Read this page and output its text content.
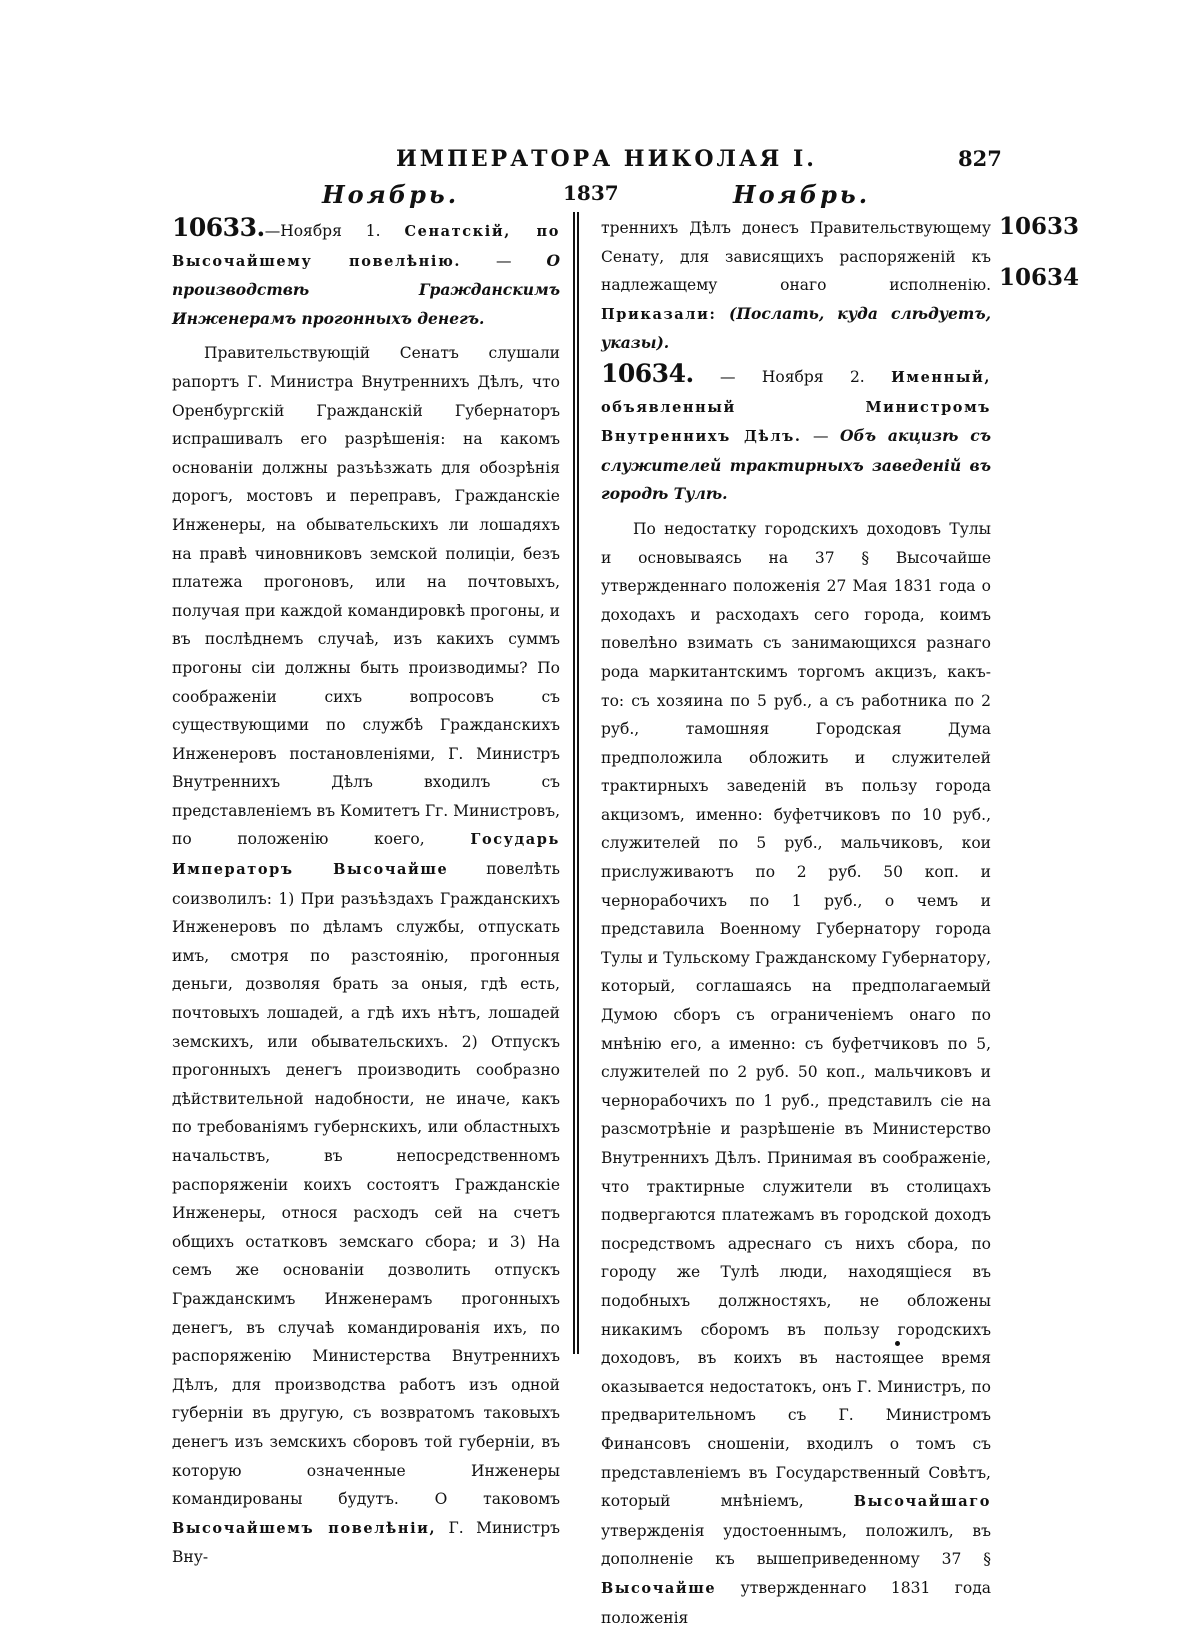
ИМПЕРАТОРА НИКОЛАЯ I.	827
Ноябрь.	1837	Ноябрь.
10633
10634

10633.—Ноября 1. Сенатскій, по Высочайшему повелѣнію. — О производствѣ Гражданскимъ Инженерамъ прогонныхъ денегъ.

Правительствующій Сенатъ слушали рапортъ Г. Министра Внутреннихъ Дѣлъ, что Оренбургскій Гражданскій Губернаторъ испрашивалъ его разрѣшенія: на какомъ основаніи должны разъѣзжать для обозрѣнія дорогъ, мостовъ и переправъ, Гражданскіе Инженеры, на обывательскихъ ли лошадяхъ на правѣ чиновниковъ земской полиціи, безъ платежа прогоновъ, или на почтовыхъ, получая при каждой командировкѣ прогоны, и въ послѣднемъ случаѣ, изъ какихъ суммъ прогоны сіи должны быть производимы? По соображеніи сихъ вопросовъ съ существующими по службѣ Гражданскихъ Инженеровъ постановленіями, Г. Министръ Внутреннихъ Дѣлъ входилъ съ представленіемъ въ Комитетъ Гг. Министровъ, по положенію коего,	Государь Императоръ Высочайше повелѣть соизволилъ: 1) При разъѣздахъ Гражданскихъ Инженеровъ по дѣламъ службы, отпускать имъ, смотря по разстоянію, прогонныя деньги, дозволяя брать за оныя, гдѣ есть, почтовыхъ лошадей, а гдѣ ихъ нѣтъ, лошадей земскихъ, или обывательскихъ. 2) Отпускъ прогонныхъ денегъ производить сообразно дѣйствительной надобности, не иначе, какъ по требованіямъ губернскихъ, или областныхъ начальствъ, въ непосредственномъ распоряженіи коихъ состоятъ Гражданскіе Инженеры, относя расходъ сей на счетъ общихъ остатковъ земскаго сбора; и 3) На семъ же основаніи дозволить отпускъ Гражданскимъ Инженерамъ прогонныхъ денегъ, въ случаѣ командированія ихъ, по распоряженію Министерства Внутреннихъ Дѣлъ, для производства работъ изъ одной губерніи въ другую, съ возвратомъ таковыхъ денегъ изъ земскихъ сборовъ той губерніи, въ которую означенные Инженеры командированы будутъ. О таковомъ Высочайшемъ повелѣніи, Г. Министръ Вну-

треннихъ Дѣлъ донесъ Правительствующему Сенату, для зависящихъ распоряженій къ надлежащему онаго исполненію. Приказали: (Послать, куда слѣдуетъ, указы).

10634. — Ноября 2. Именный, объявленный Министромъ Внутреннихъ Дѣлъ. — Объ акцизѣ съ служителей трактирныхъ заведеній въ городѣ Тулѣ.

По недостатку городскихъ доходовъ Тулы и основываясь на 37 § Высочайше утвержденнаго положенія 27 Мая 1831 года о доходахъ и расходахъ сего города, коимъ повелѣно взимать съ занимающихся разнаго рода маркитантскимъ торгомъ акцизъ, какъ-то: съ хозяина по 5 руб., а съ работника по 2 руб., тамошняя Городская Дума предположила обложить и служителей трактирныхъ заведеній въ пользу города акцизомъ, именно: буфетчиковъ по 10 руб., служителей по 5 руб., мальчиковъ, кои прислуживаютъ по 2 руб. 50 коп. и чернорабочихъ по 1 руб., о чемъ и представила Военному Губернатору города Тулы и Тульскому Гражданскому Губернатору, который, соглашаясь на предполагаемый Думою сборъ съ ограниченіемъ онаго по мнѣнію его, а именно: съ буфетчиковъ по 5, служителей по 2 руб. 50 коп., мальчиковъ и чернорабочихъ по 1 руб., представилъ сіе на разсмотрѣніе и разрѣшеніе въ Министерство Внутреннихъ Дѣлъ. Принимая въ соображеніе, что трактирные служители въ столицахъ подвергаются платежамъ въ городской доходъ посредствомъ адреснаго съ нихъ сбора, по городу же Тулѣ люди, находящіеся въ подобныхъ должностяхъ, не обложены никакимъ сборомъ въ пользу городскихъ доходовъ, въ коихъ въ настоящее время оказывается недостатокъ, онъ Г. Министръ, по предварительномъ съ Г. Министромъ Финансовъ сношеніи, входилъ о томъ съ представленіемъ въ Государственный Совѣтъ, который мнѣніемъ,	Высочайшаго утвержденія удостоеннымъ, положилъ, въ дополненіе къ вышеприведенному 37 § Высочайше утвержденнаго 1831 года положенія
